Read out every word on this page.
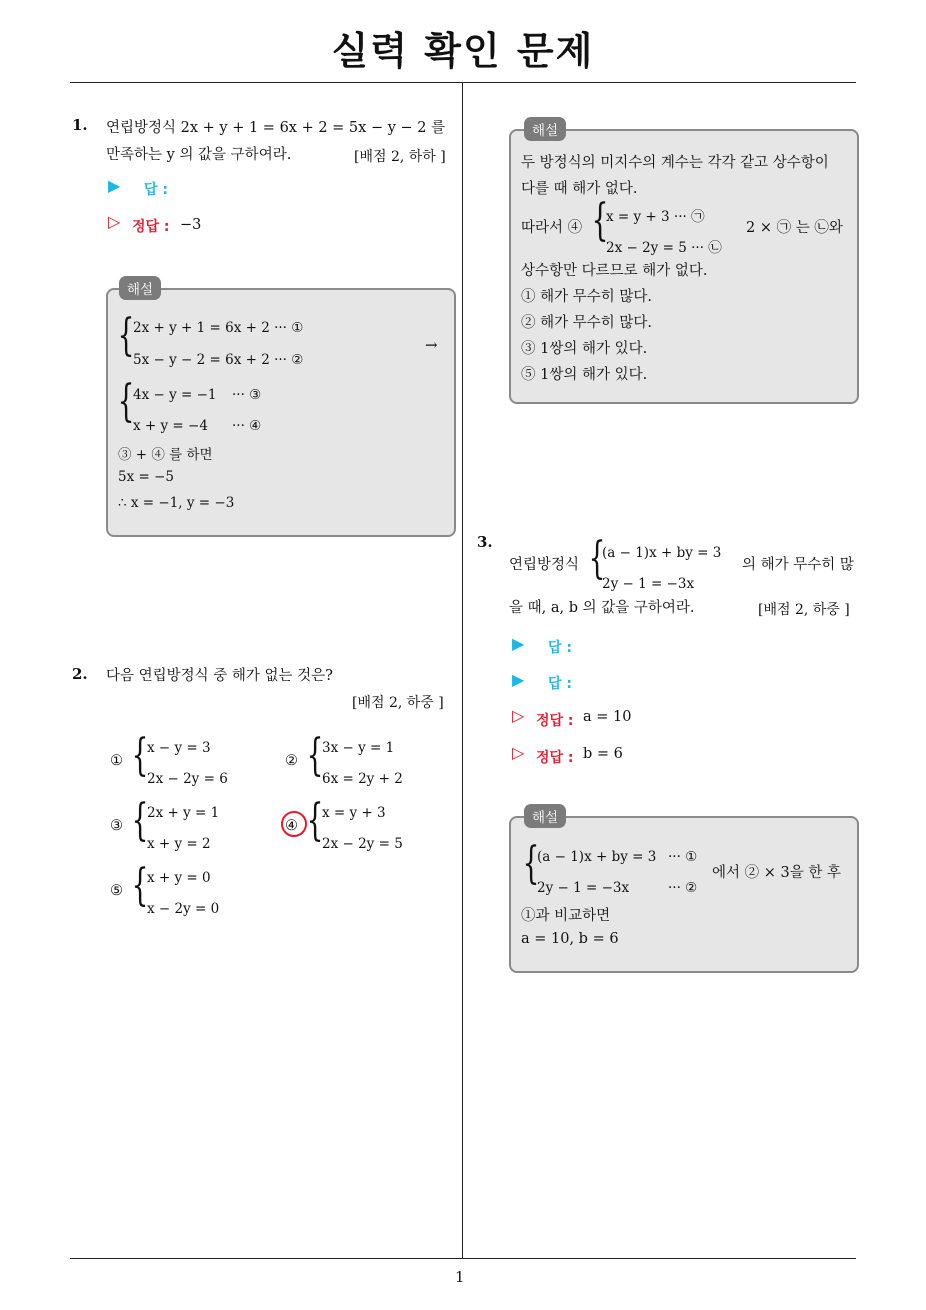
실력 확인 문제
1
1. 연립방정식 2x + y + 1 = 6x + 2 = 5x − y − 2 를
만족하는 y 의 값을 구하여라.	[배점 2, 하하 ]
▶ 답 :
▷ 정답 : −3
해설
{
2x + y + 1 = 6x + 2 ··· ①
5x − y − 2 = 6x + 2 ··· ②
→
{
4x − y = −1 ··· ③
x + y = −4 ··· ④
③ + ④ 를 하면
5x = −5
∴ x = −1, y = −3
2. 다음 연립방정식 중 해가 없는 것은?
[배점 2, 하중 ]
① {
x − y = 3
2x − 2y = 6
② {
3x − y = 1
6x = 2y + 2
③ {
2x + y = 1
x + y = 2
④ {
x = y + 3
2x − 2y = 5
⑤ {
x + y = 0
x − 2y = 0
해설
두 방정식의 미지수의 계수는 각각 같고 상수항이
다를 때 해가 없다.
따라서 ④ {
x = y + 3 ··· ㉠
2x − 2y = 5 ··· ㉡
2 × ㉠ 는 ㉡와
상수항만 다르므로 해가 없다.
① 해가 무수히 많다.
② 해가 무수히 많다.
③ 1쌍의 해가 있다.
⑤ 1쌍의 해가 있다.
3.
연립방정식 {
(a − 1)x + by = 3
2y − 1 = −3x
의 해가 무수히 많
을 때, a, b 의 값을 구하여라.	[배점 2, 하중 ]
▶ 답 :
▶ 답 :
▷ 정답 : a = 10
▷ 정답 : b = 6
해설
{
(a − 1)x + by = 3 ··· ①
2y − 1 = −3x	··· ②
에서 ② × 3을 한 후
①과 비교하면
a = 10, b = 6
